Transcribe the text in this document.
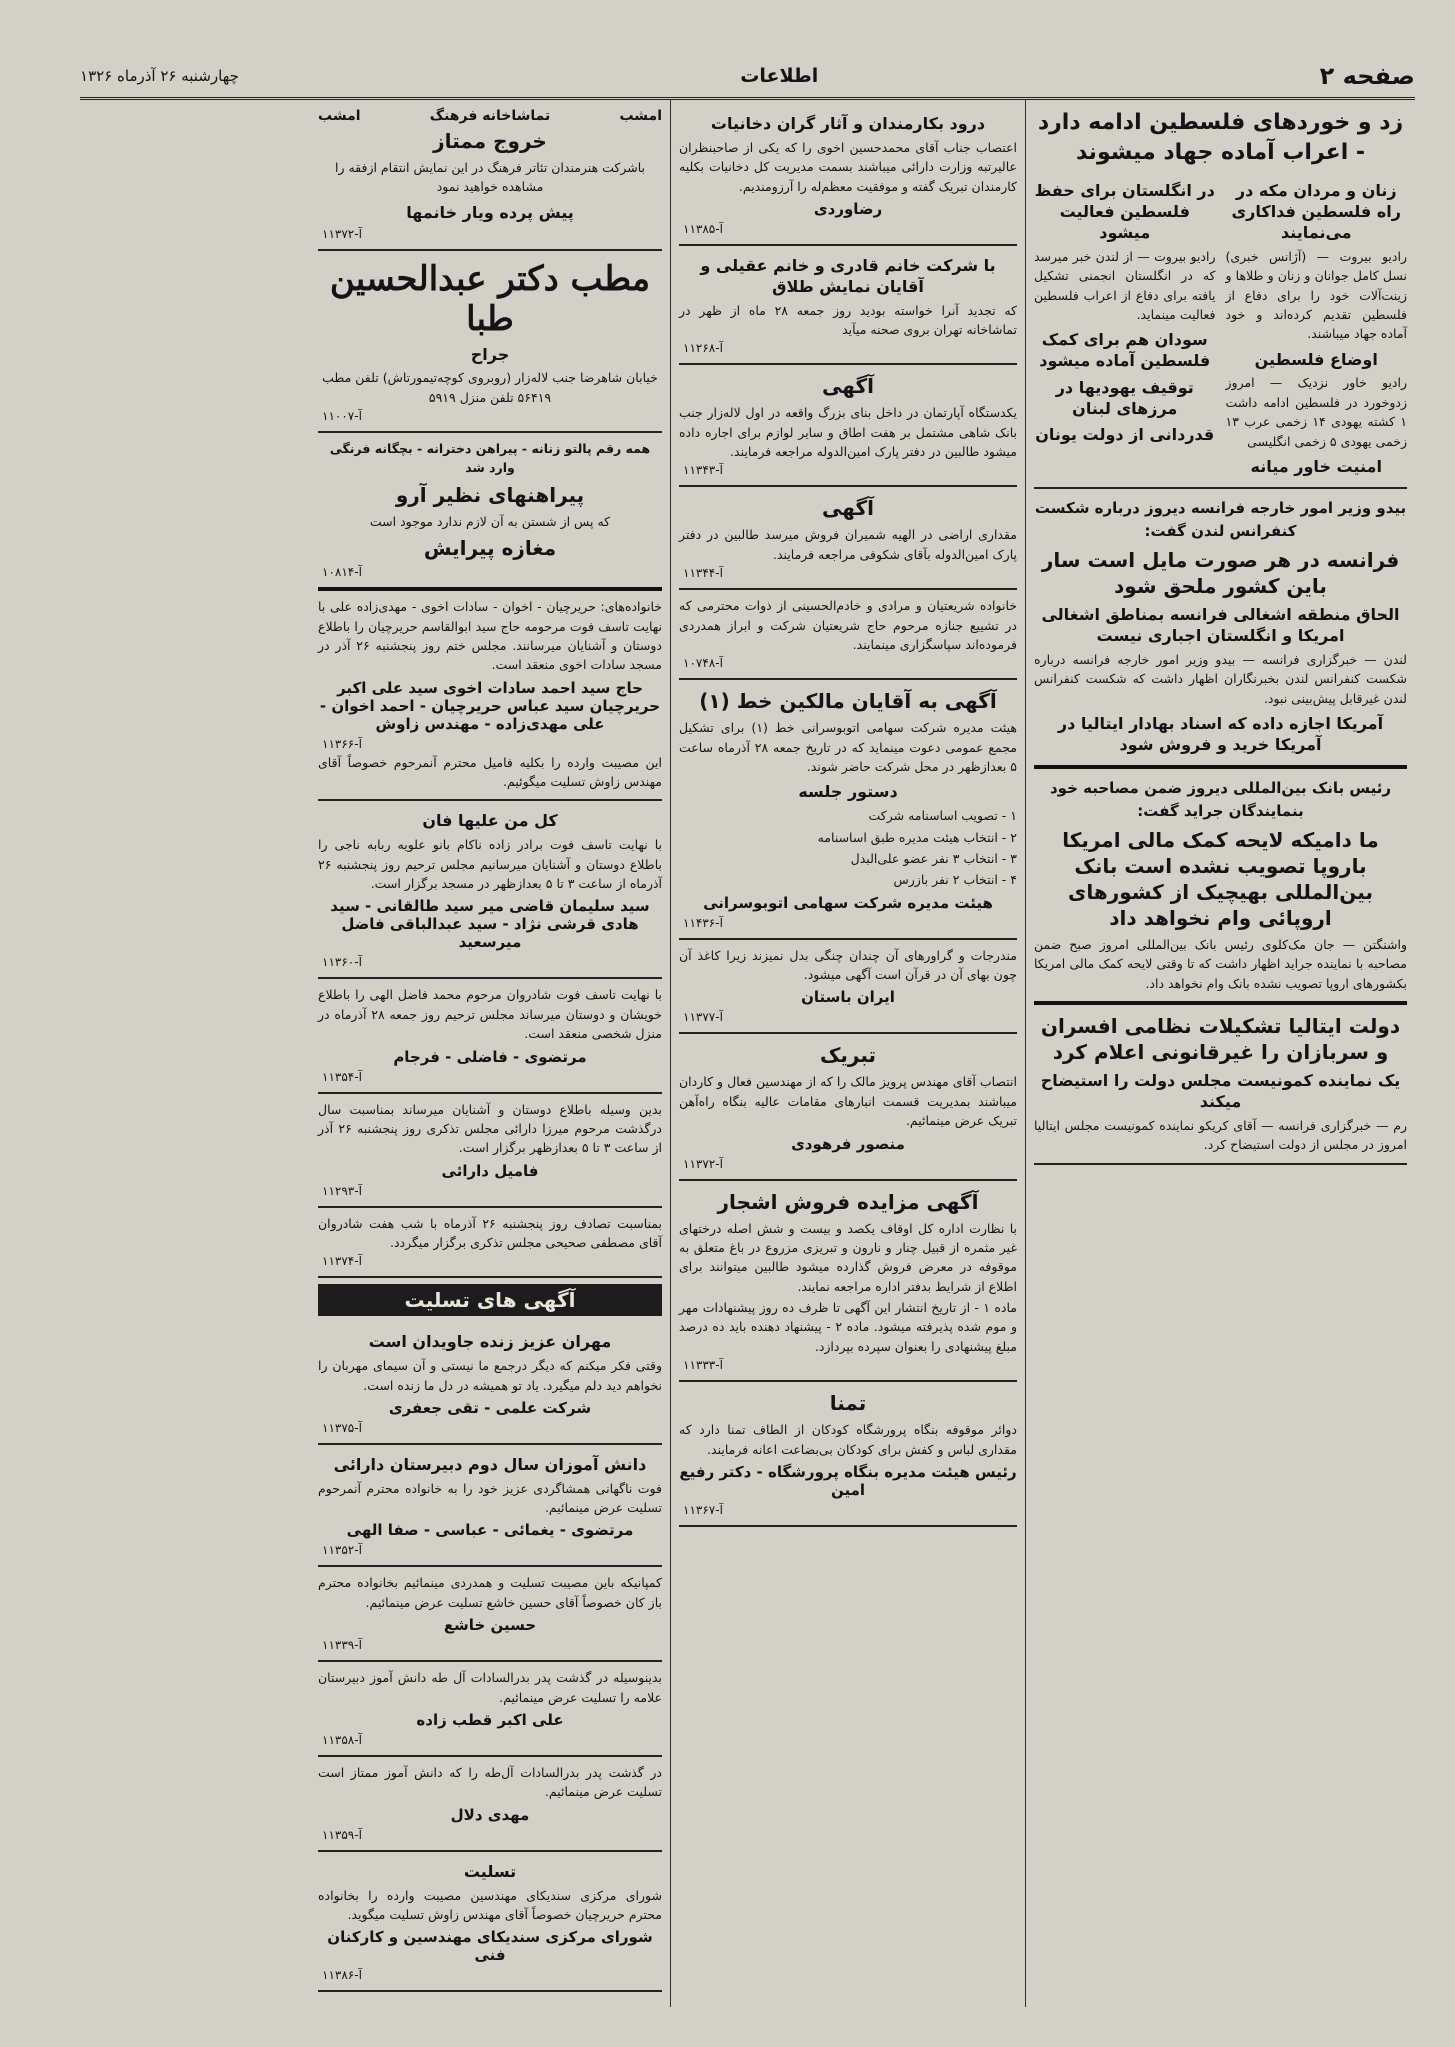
صفحه ۲
اطلاعات
چهارشنبه ۲۶ آذرماه ۱۳۲۶
زد و خوردهای فلسطین ادامه دارد - اعراب آماده جهاد میشوند
زنان و مردان مکه در راه فلسطین فداکاری می‌نمایند

رادیو بیروت — (آژانس خبری) نسل کامل جوانان و زنان و طلاها و زینت‌آلات خود را برای دفاع از فلسطین تقدیم کرده‌اند و خود آماده جهاد میباشند.

اوضاع فلسطین

رادیو خاور نزدیک — امروز زدوخورد در فلسطین ادامه داشت ۱ کشته یهودی ۱۴ زخمی عرب ۱۳ زخمی یهودی ۵ زخمی انگلیسی

امنیت خاور میانه
در انگلستان برای حفظ فلسطین فعالیت میشود

رادیو بیروت — از لندن خبر میرسد که در انگلستان انجمنی تشکیل یافته برای دفاع از اعراب فلسطین فعالیت مینماید.

سودان هم برای کمک فلسطین آماده میشود
توقیف یهودیها در مرزهای لبنان
قدردانی از دولت یونان

بیدو وزیر امور خارجه فرانسه دیروز درباره شکست کنفرانس لندن گفت:

فرانسه در هر صورت مایل است سار باین کشور ملحق شود
الحاق منطقه اشغالی فرانسه بمناطق اشغالی امریکا و انگلستان اجباری نیست

لندن — خبرگزاری فرانسه — بیدو وزیر امور خارجه فرانسه درباره شکست کنفرانس لندن بخبرنگاران اظهار داشت که شکست کنفرانس لندن غیرقابل پیش‌بینی نبود.

آمریکا اجازه داده که اسناد بهادار ایتالیا در آمریکا خرید و فروش شود

رئیس بانک بین‌المللی دیروز ضمن مصاحبه خود بنمایندگان جراید گفت:

ما دامیکه لایحه کمک مالی امریکا باروپا تصویب نشده است بانک بین‌المللی بهیچیک از کشورهای اروپائی وام نخواهد داد

واشنگتن — جان مک‌کلوی رئیس بانک بین‌المللی امروز صبح ضمن مصاحبه با نماینده جراید اظهار داشت که تا وقتی لایحه کمک مالی امریکا بکشورهای اروپا تصویب نشده بانک وام نخواهد داد.

دولت ایتالیا تشکیلات نظامی افسران و سربازان را غیرقانونی اعلام کرد
یک نماینده کمونیست مجلس دولت را استیضاح میکند

رم — خبرگزاری فرانسه — آقای کریکو نماینده کمونیست مجلس ایتالیا امروز در مجلس از دولت استیضاح کرد.

درود بکارمندان و آثار گران دخانیات

اعتصاب جناب آقای محمدحسین اخوی را که یکی از صاحبنظران عالیرتبه وزارت دارائی میباشند بسمت مدیریت کل دخانیات بکلیه کارمندان تبریک گفته و موفقیت معظم‌له را آرزومندیم.

رضاوردی
آ-۱۱۳۸۵
با شرکت خانم قادری و خانم عقیلی و آقایان نمایش طلاق

که تجدید آنرا خواسته بودید روز جمعه ۲۸ ماه از ظهر در تماشاخانه تهران بروی صحنه میآید

آ-۱۱۲۶۸
آگهی

یکدستگاه آپارتمان در داخل بنای بزرگ واقعه در اول لاله‌زار جنب بانک شاهی مشتمل بر هفت اطاق و سایر لوازم برای اجاره داده میشود طالبین در دفتر پارک امین‌الدوله مراجعه فرمایند.

آ-۱۱۳۴۳
آگهی

مقداری اراضی در الهیه شمیران فروش میرسد طالبین در دفتر پارک امین‌الدوله بآقای شکوفی مراجعه فرمایند.

آ-۱۱۳۴۴

خانواده شریعتیان و مرادی و خادم‌الحسینی از ذوات محترمی که در تشییع جنازه مرحوم حاج شریعتیان شرکت و ابراز همدردی فرموده‌اند سپاسگزاری مینمایند.

آ-۱۰۷۴۸
آگهی به آقایان مالکین خط (۱)

هیئت مدیره شرکت سهامی اتوبوسرانی خط (۱) برای تشکیل مجمع عمومی دعوت مینماید که در تاریخ جمعه ۲۸ آذرماه ساعت ۵ بعدازظهر در محل شرکت حاضر شوند.

دستور جلسه

۱ - تصویب اساسنامه شرکت

۲ - انتخاب هیئت مدیره طبق اساسنامه

۳ - انتخاب ۳ نفر عضو علی‌البدل

۴ - انتخاب ۲ نفر بازرس

هیئت مدیره شرکت سهامی اتوبوسرانی
آ-۱۱۴۳۶

مندرجات و گراورهای آن چندان چنگی بدل نمیزند زیرا کاغذ آن چون بهای آن در قرآن است آگهی میشود.

ایران باستان
آ-۱۱۳۷۷
تبریک

انتصاب آقای مهندس پرویز مالک را که از مهندسین فعال و کاردان میباشند بمدیریت قسمت انبارهای مقامات عالیه بنگاه راه‌آهن تبریک عرض مینمائیم.

منصور فرهودی
آ-۱۱۳۷۲
آگهی مزایده فروش اشجار

با نظارت اداره کل اوقاف یکصد و بیست و شش اصله درختهای غیر مثمره از قبیل چنار و نارون و تبریزی مزروع در باغ متعلق به موقوفه در معرض فروش گذارده میشود طالبین میتوانند برای اطلاع از شرایط بدفتر اداره مراجعه نمایند.

ماده ۱ - از تاریخ انتشار این آگهی تا ظرف ده روز پیشنهادات مهر و موم شده پذیرفته میشود. ماده ۲ - پیشنهاد دهنده باید ده درصد مبلغ پیشنهادی را بعنوان سپرده بپردازد.

آ-۱۱۳۳۳
تمنا

دوائر موقوفه بنگاه پرورشگاه کودکان از الطاف تمنا دارد که مقداری لباس و کفش برای کودکان بی‌بضاعت اعانه فرمایند.

رئیس هیئت مدیره بنگاه پرورشگاه - دکتر رفیع امین
آ-۱۱۳۶۷
امشب
تماشاخانه فرهنگ
امشب
خروج ممتاز

باشرکت هنرمندان تئاتر فرهنگ در این نمایش انتقام ازفقه را مشاهده خواهید نمود

پیش پرده ویار خانمها
آ-۱۱۳۷۲
مطب دکتر عبدالحسین طبا
جراح

خیابان شاهرضا جنب لاله‌زار (روبروی کوچه‌تیمورتاش) تلفن مطب ۵۶۴۱۹ تلفن منزل ۵۹۱۹

آ-۱۱۰۰۷

همه رقم پالتو زنانه - پیراهن دخترانه - بچگانه فرنگی وارد شد

پیراهنهای نظیر آرو

که پس از شستن به آن لازم ندارد موجود است

مغازه پیرایش
آ-۱۰۸۱۴

خانواده‌های: حریرچیان - اخوان - سادات اخوی - مهدی‌زاده علی با نهایت تاسف فوت مرحومه حاج سید ابوالقاسم حریرچیان را باطلاع دوستان و آشنایان میرسانند. مجلس ختم روز پنجشنبه ۲۶ آذر در مسجد سادات اخوی منعقد است.

حاج سید احمد سادات اخوی سید علی اکبر حریرچیان سید عباس حریرچیان - احمد اخوان - علی مهدی‌زاده - مهندس زاوش
آ-۱۱۳۶۶

این مصیبت وارده را بکلیه فامیل محترم آنمرحوم خصوصاً آقای مهندس زاوش تسلیت میگوئیم.

کل من علیها فان

با نهایت تاسف فوت برادر زاده ناکام بانو علویه ربابه ناجی را باطلاع دوستان و آشنایان میرسانیم مجلس ترحیم روز پنجشنبه ۲۶ آذرماه از ساعت ۳ تا ۵ بعدازظهر در مسجد برگزار است.

سید سلیمان قاضی میر سید طالقانی - سید هادی قرشی نژاد - سید عبدالباقی فاضل میرسعید
آ-۱۱۳۶۰

با نهایت تاسف فوت شادروان مرحوم محمد فاضل الهی را باطلاع خویشان و دوستان میرساند مجلس ترحیم روز جمعه ۲۸ آذرماه در منزل شخصی منعقد است.

مرتضوی - فاضلی - فرجام
آ-۱۱۳۵۴

بدین وسیله باطلاع دوستان و آشنایان میرساند بمناسبت سال درگذشت مرحوم میرزا دارائی مجلس تذکری روز پنجشنبه ۲۶ آذر از ساعت ۳ تا ۵ بعدازظهر برگزار است.

فامیل دارائی
آ-۱۱۲۹۳

بمناسبت تصادف روز پنجشنبه ۲۶ آذرماه با شب هفت شادروان آقای مصطفی صحیحی مجلس تذکری برگزار میگردد.

آ-۱۱۳۷۴
آگهی های تسلیت
مهران عزیز زنده جاویدان است

وقتی فکر میکنم که دیگر درجمع ما نیستی و آن سیمای مهربان را نخواهم دید دلم میگیرد. یاد تو همیشه در دل ما زنده است.

شرکت علمی - تقی جعفری
آ-۱۱۳۷۵
دانش آموزان سال دوم دبیرستان دارائی

فوت ناگهانی همشاگردی عزیز خود را به خانواده محترم آنمرحوم تسلیت عرض مینمائیم.

مرتضوی - یغمائی - عباسی - صفا الهی
آ-۱۱۳۵۲

کمپانیکه باین مصیبت تسلیت و همدردی مینمائیم بخانواده محترم باز کان خصوصاً آقای حسین خاشع تسلیت عرض مینمائیم.

حسین خاشع
آ-۱۱۳۳۹

بدینوسیله در گذشت پدر بدرالسادات آل طه دانش آموز دبیرستان علامه را تسلیت عرض مینمائیم.

علی اکبر قطب زاده
آ-۱۱۳۵۸

در گذشت پدر بدرالسادات آل‌طه را که دانش آموز ممتاز است تسلیت عرض مینمائیم.

مهدی دلال
آ-۱۱۳۵۹
تسلیت

شورای مرکزی سندیکای مهندسین مصیبت وارده را بخانواده محترم حریرچیان خصوصاً آقای مهندس زاوش تسلیت میگوید.

شورای مرکزی سندیکای مهندسین و کارکنان فنی
آ-۱۱۳۸۶
